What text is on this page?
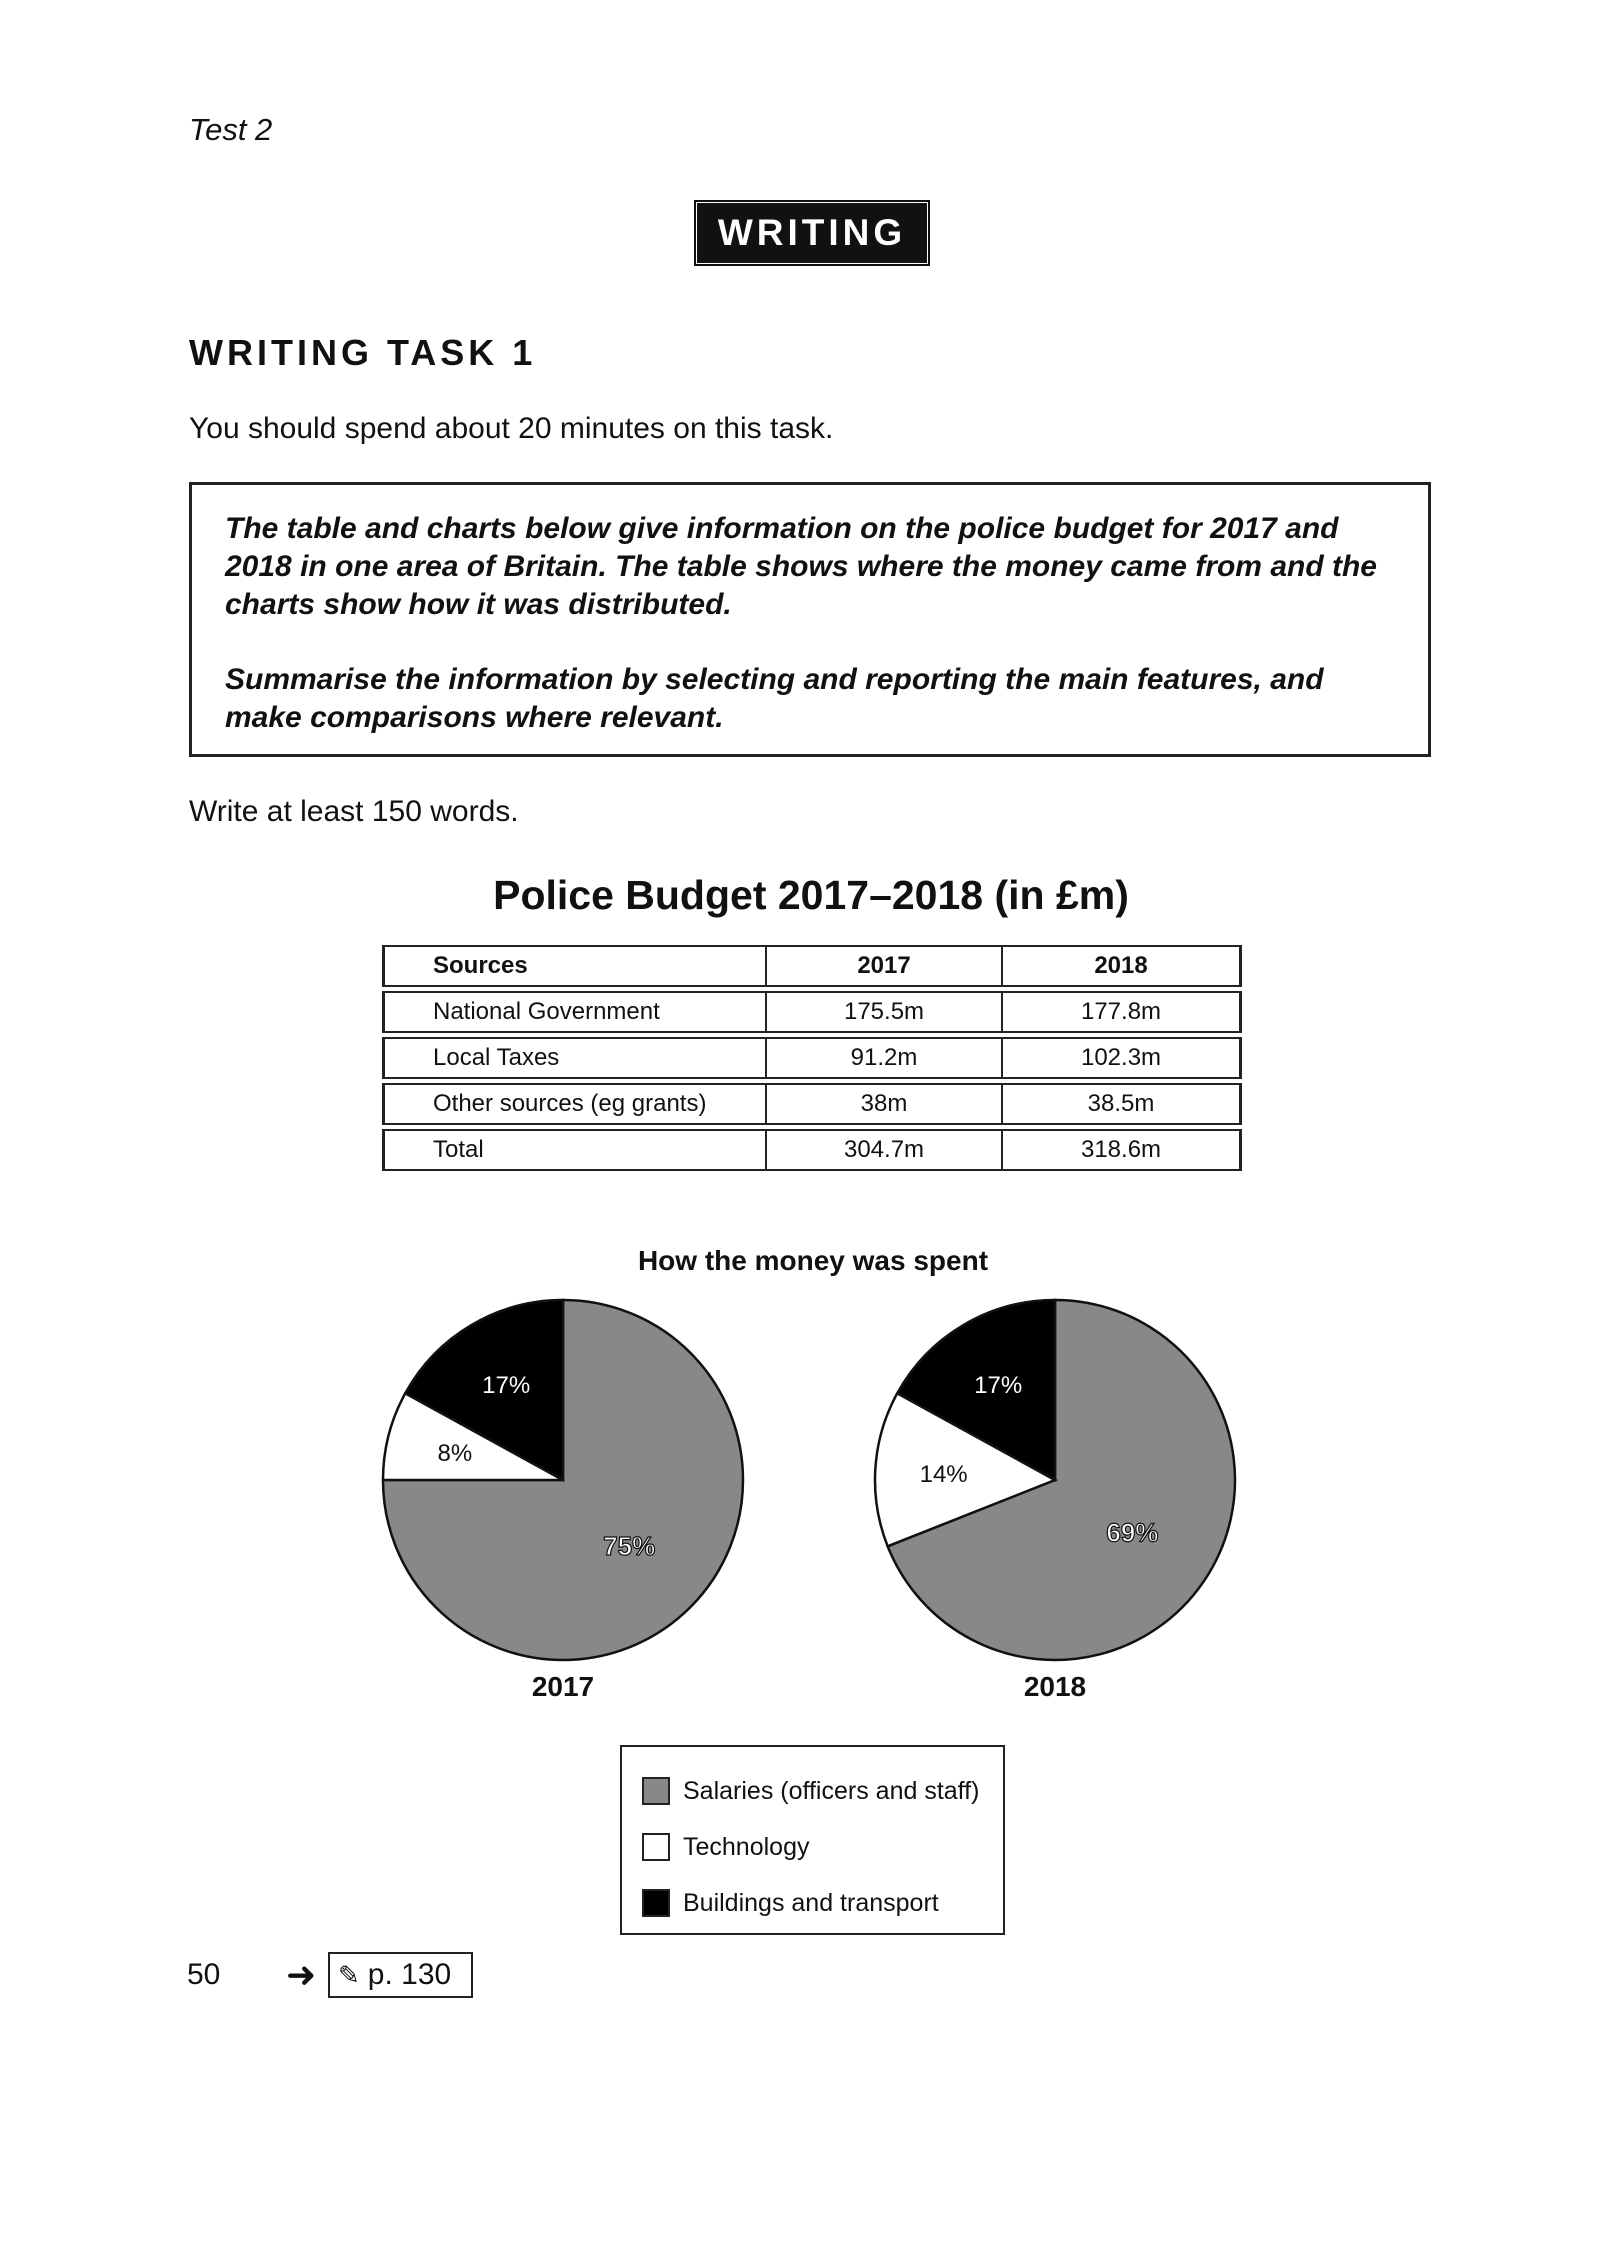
Test 2
WRITING
WRITING TASK 1
You should spend about 20 minutes on this task.

The table and charts below give information on the police budget for 2017 and 2018 in one area of Britain. The table shows where the money came from and the charts show how it was distributed.

Summarise the information by selecting and reporting the main features, and make comparisons where relevant.

Write at least 150 words.
Police Budget 2017–2018 (in £m)
Sources	2017	2018
National Government	175.5m	177.8m
Local Taxes	91.2m	102.3m
Other sources (eg grants)	38m	38.5m
Total	304.7m	318.6m
How the money was spent
75%
8%
17%
2017
69%
14%
17%
2018
Salaries (officers and staff)
Technology
Buildings and transport
50 ➜ ✎ p. 130
